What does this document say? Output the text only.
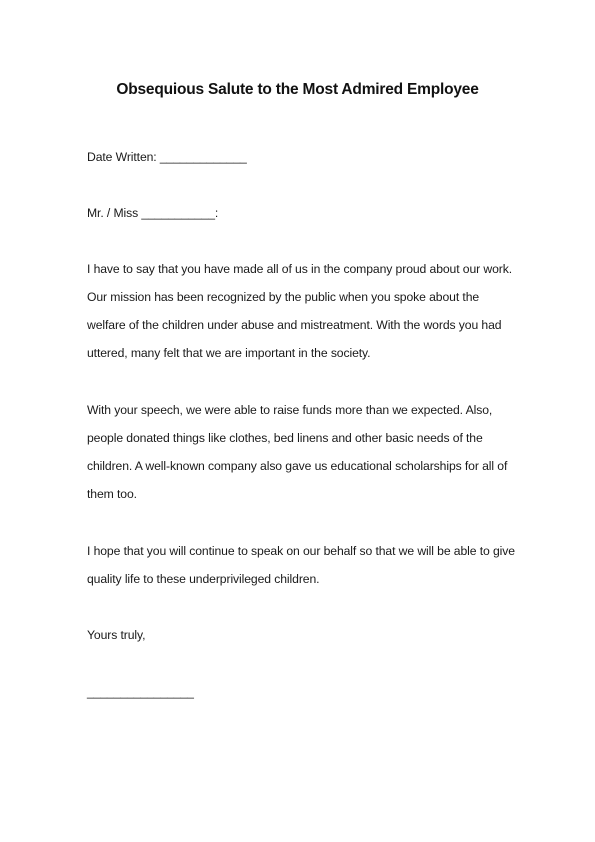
Obsequious Salute to the Most Admired Employee
Date Written: _____________
Mr. / Miss ___________:
I have to say that you have made all of us in the company proud about our work.
Our mission has been recognized by the public when you spoke about the
welfare of the children under abuse and mistreatment. With the words you had
uttered, many felt that we are important in the society.
With your speech, we were able to raise funds more than we expected. Also,
people donated things like clothes, bed linens and other basic needs of the
children. A well-known company also gave us educational scholarships for all of
them too.
I hope that you will continue to speak on our behalf so that we will be able to give
quality life to these underprivileged children.
Yours truly,
________________
